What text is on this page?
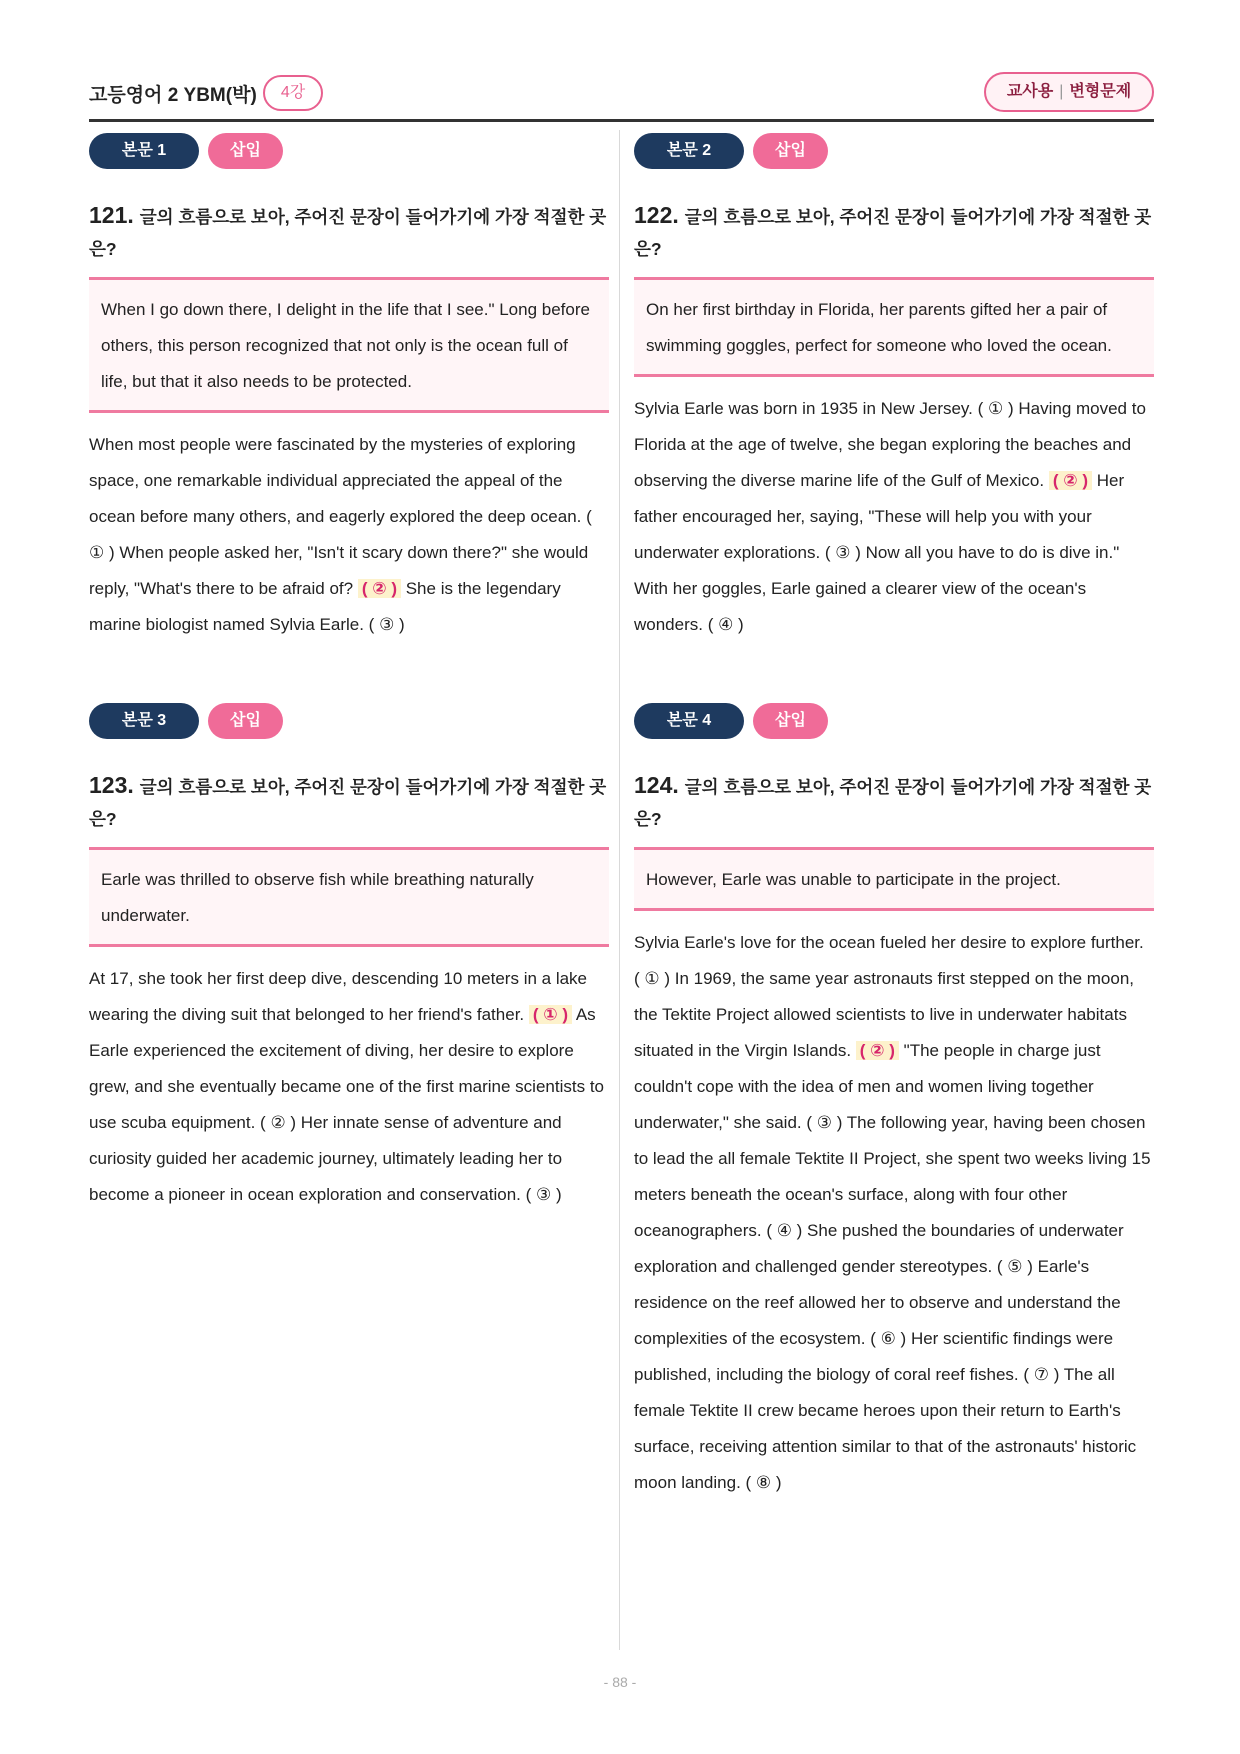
고등영어 2 YBM(박)	4강	교사용 | 변형문제
본문 1	삽입
121. 글의 흐름으로 보아, 주어진 문장이 들어가기에 가장 적절한 곳은?
When I go down there, I delight in the life that I see." Long before others, this person recognized that not only is the ocean full of life, but that it also needs to be protected.
When most people were fascinated by the mysteries of exploring space, one remarkable individual appreciated the appeal of the ocean before many others, and eagerly explored the deep ocean. ( ① ) When people asked her, "Isn't it scary down there?" she would reply, "What's there to be afraid of? ( ② ) She is the legendary marine biologist named Sylvia Earle. ( ③ )
본문 2	삽입
122. 글의 흐름으로 보아, 주어진 문장이 들어가기에 가장 적절한 곳은?
On her first birthday in Florida, her parents gifted her a pair of swimming goggles, perfect for someone who loved the ocean.
Sylvia Earle was born in 1935 in New Jersey. ( ① ) Having moved to Florida at the age of twelve, she began exploring the beaches and observing the diverse marine life of the Gulf of Mexico. ( ② ) Her father encouraged her, saying, "These will help you with your underwater explorations. ( ③ ) Now all you have to do is dive in." With her goggles, Earle gained a clearer view of the ocean's wonders. ( ④ )
본문 3	삽입
123. 글의 흐름으로 보아, 주어진 문장이 들어가기에 가장 적절한 곳은?
Earle was thrilled to observe fish while breathing naturally underwater.
At 17, she took her first deep dive, descending 10 meters in a lake wearing the diving suit that belonged to her friend's father. ( ① ) As Earle experienced the excitement of diving, her desire to explore grew, and she eventually became one of the first marine scientists to use scuba equipment. ( ② ) Her innate sense of adventure and curiosity guided her academic journey, ultimately leading her to become a pioneer in ocean exploration and conservation. ( ③ )
본문 4	삽입
124. 글의 흐름으로 보아, 주어진 문장이 들어가기에 가장 적절한 곳은?
However, Earle was unable to participate in the project.
Sylvia Earle's love for the ocean fueled her desire to explore further. ( ① ) In 1969, the same year astronauts first stepped on the moon, the Tektite Project allowed scientists to live in underwater habitats situated in the Virgin Islands. ( ② ) "The people in charge just couldn't cope with the idea of men and women living together underwater," she said. ( ③ ) The following year, having been chosen to lead the all female Tektite II Project, she spent two weeks living 15 meters beneath the ocean's surface, along with four other oceanographers. ( ④ ) She pushed the boundaries of underwater exploration and challenged gender stereotypes. ( ⑤ ) Earle's residence on the reef allowed her to observe and understand the complexities of the ecosystem. ( ⑥ ) Her scientific findings were published, including the biology of coral reef fishes. ( ⑦ ) The all female Tektite II crew became heroes upon their return to Earth's surface, receiving attention similar to that of the astronauts' historic moon landing. ( ⑧ )
- 88 -
